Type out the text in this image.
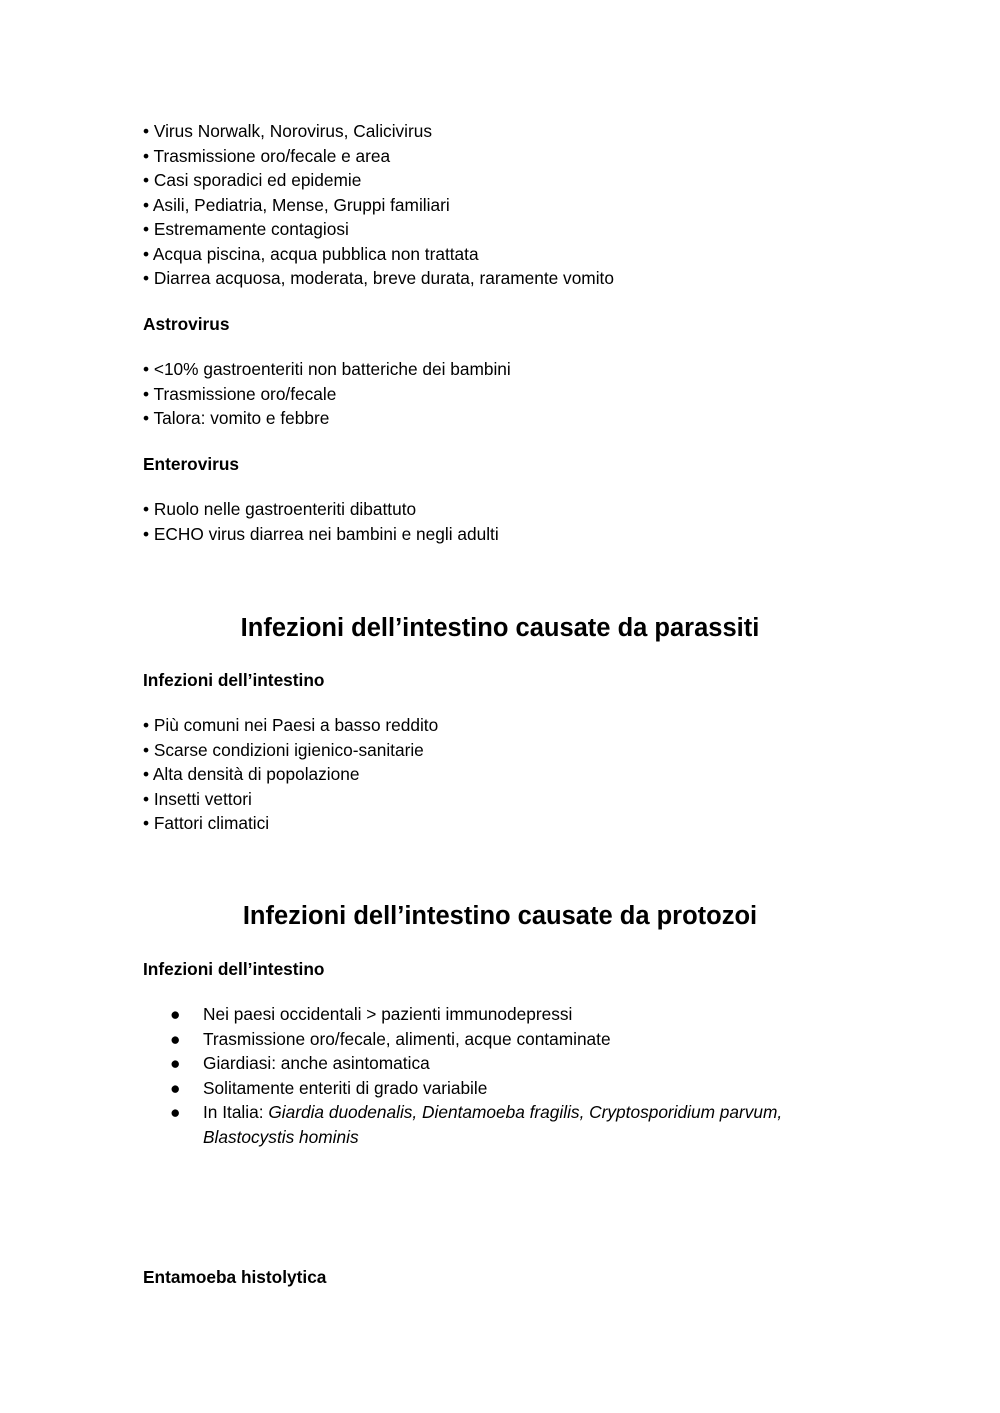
• Virus Norwalk, Norovirus, Calicivirus
• Trasmissione oro/fecale e area
• Casi sporadici ed epidemie
• Asili, Pediatria, Mense, Gruppi familiari
• Estremamente contagiosi
• Acqua piscina, acqua pubblica non trattata
• Diarrea acquosa, moderata, breve durata, raramente vomito
Astrovirus
• <10% gastroenteriti non batteriche dei bambini
• Trasmissione oro/fecale
• Talora: vomito e febbre
Enterovirus
• Ruolo nelle gastroenteriti dibattuto
• ECHO virus diarrea nei bambini e negli adulti
Infezioni dell’intestino causate da parassiti
Infezioni dell’intestino
• Più comuni nei Paesi a basso reddito
• Scarse condizioni igienico-sanitarie
• Alta densità di popolazione
• Insetti vettori
• Fattori climatici
Infezioni dell’intestino causate da protozoi
Infezioni dell’intestino
● Nei paesi occidentali > pazienti immunodepressi
● Trasmissione oro/fecale, alimenti, acque contaminate
● Giardiasi: anche asintomatica
● Solitamente enteriti di grado variabile
● In Italia: Giardia duodenalis, Dientamoeba fragilis, Cryptosporidium parvum,
Blastocystis hominis
Entamoeba histolytica
